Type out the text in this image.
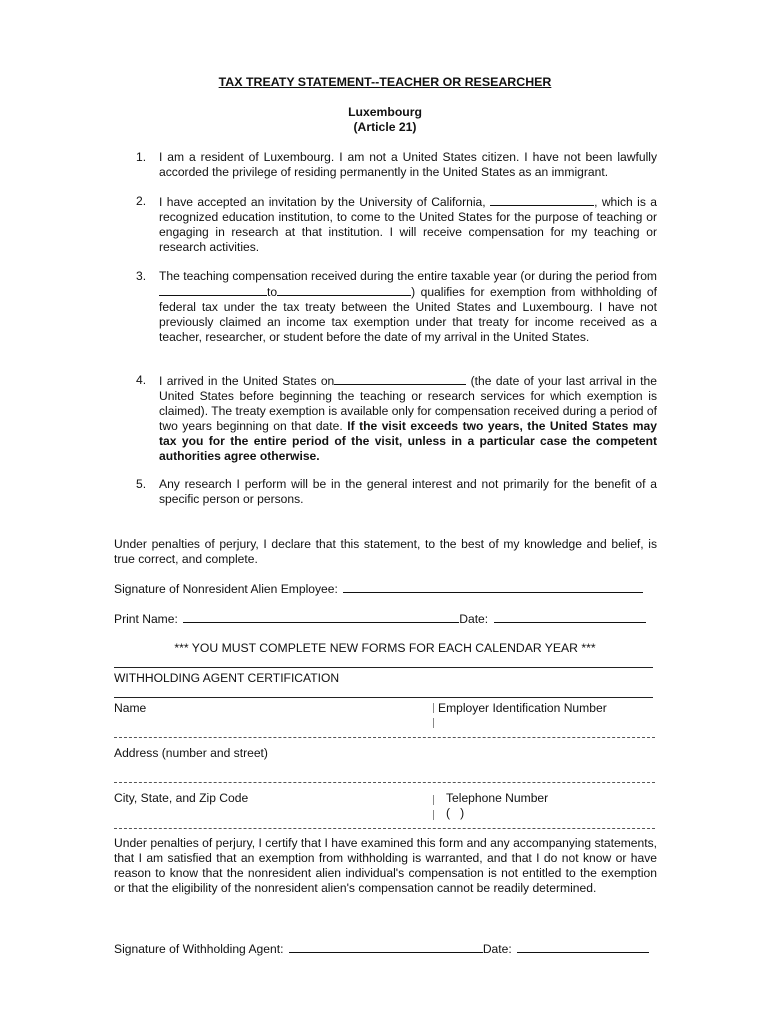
TAX TREATY STATEMENT--TEACHER OR RESEARCHER
Luxembourg
(Article 21)
1.	I am a resident of Luxembourg. I am not a United States citizen. I have not been lawfully accorded the privilege of residing permanently in the United States as an immigrant.
2.	I have accepted an invitation by the University of California,	, which is a recognized education institution, to come to the United States for the purpose of teaching or engaging in research at that institution. I will receive compensation for my teaching or research activities.
3.	The teaching compensation received during the entire taxable year (or during the period from to	) qualifies for exemption from withholding of federal tax under the tax treaty between the United States and Luxembourg. I have not previously claimed an income tax exemption under that treaty for income received as a teacher, researcher, or student before the date of my arrival in the United States.
4.	I arrived in the United States on	(the date of your last arrival in the United States before beginning the teaching or research services for which exemption is claimed). The treaty exemption is available only for compensation received during a period of two years beginning on that date. If the visit exceeds two years, the United States may tax you for the entire period of the visit, unless in a particular case the competent authorities agree otherwise.
5.	Any research I perform will be in the general interest and not primarily for the benefit of a specific person or persons.
Under penalties of perjury, I declare that this statement, to the best of my knowledge and belief, is true correct, and complete.
Signature of Nonresident Alien Employee:
Print Name:	Date:
*** YOU MUST COMPLETE NEW FORMS FOR EACH CALENDAR YEAR ***
WITHHOLDING AGENT CERTIFICATION
Name	Employer Identification Number
Address (number and street)
City, State, and Zip Code	Telephone Number
(   )
Under penalties of perjury, I certify that I have examined this form and any accompanying statements, that I am satisfied that an exemption from withholding is warranted, and that I do not know or have reason to know that the nonresident alien individual's compensation is not entitled to the exemption or that the eligibility of the nonresident alien's compensation cannot be readily determined.
Signature of Withholding Agent:	Date:
